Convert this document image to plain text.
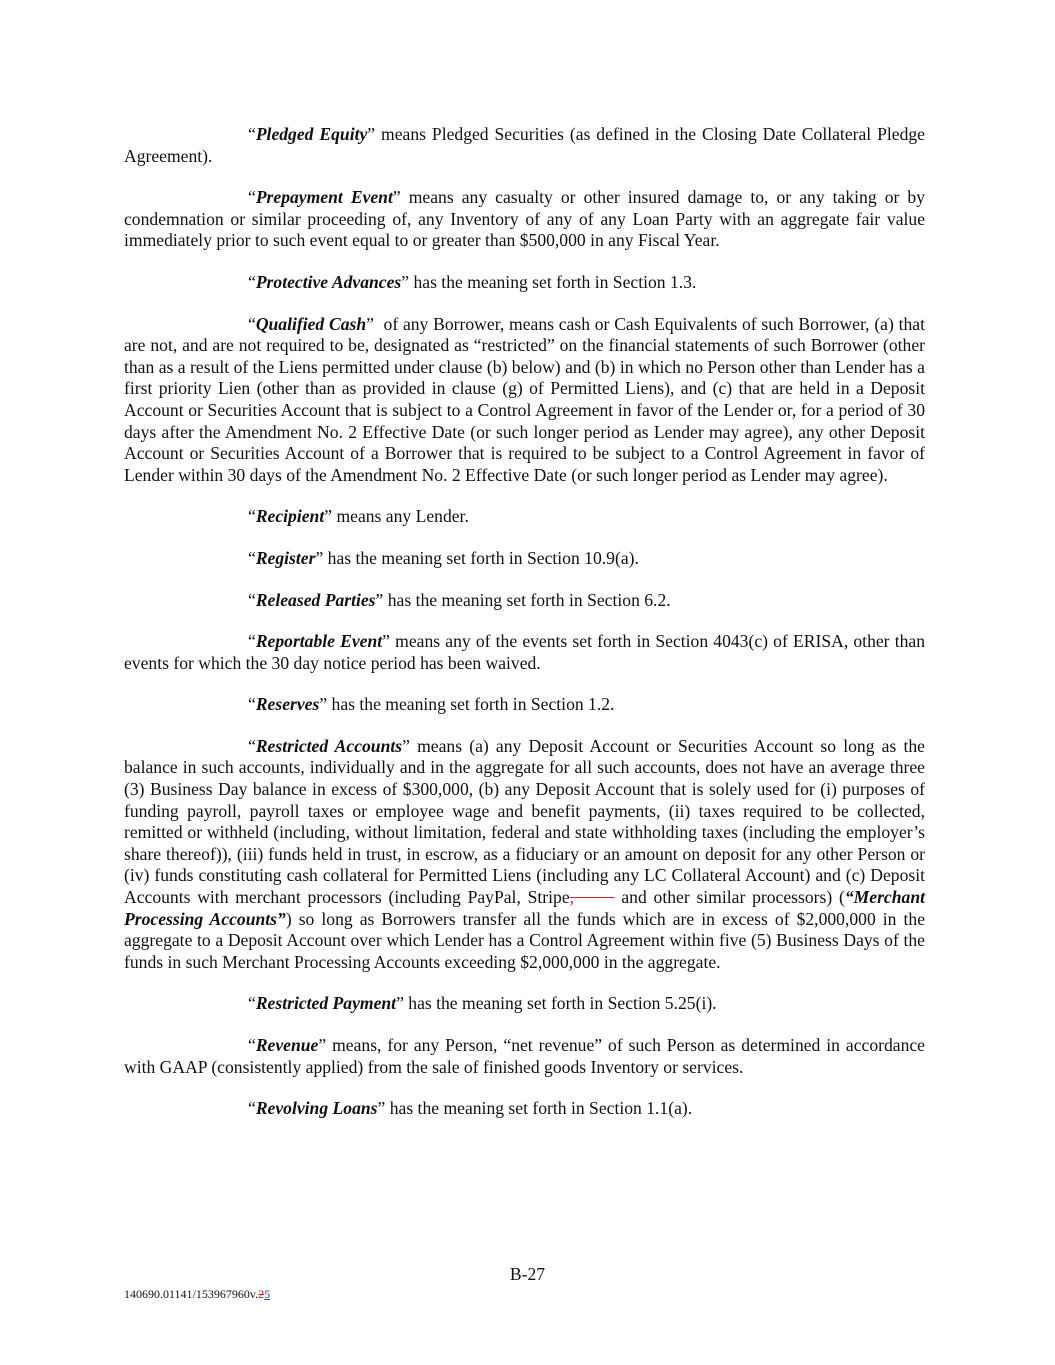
“Pledged Equity” means Pledged Securities (as defined in the Closing Date Collateral Pledge Agreement).

“Prepayment Event” means any casualty or other insured damage to, or any taking or by condemnation or similar proceeding of, any Inventory of any of any Loan Party with an aggregate fair value immediately prior to such event equal to or greater than $500,000 in any Fiscal Year.

“Protective Advances” has the meaning set forth in Section 1.3.

“Qualified Cash”  of any Borrower, means cash or Cash Equivalents of such Borrower, (a) that are not, and are not required to be, designated as “restricted” on the financial statements of such Borrower (other than as a result of the Liens permitted under clause (b) below) and (b) in which no Person other than Lender has a first priority Lien (other than as provided in clause (g) of Permitted Liens), and (c) that are held in a Deposit Account or Securities Account that is subject to a Control Agreement in favor of the Lender or, for a period of 30 days after the Amendment No. 2 Effective Date (or such longer period as Lender may agree), any other Deposit Account or Securities Account of a Borrower that is required to be subject to a Control Agreement in favor of Lender within 30 days of the Amendment No. 2 Effective Date (or such longer period as Lender may agree).

“Recipient” means any Lender.

“Register” has the meaning set forth in Section 10.9(a).

“Released Parties” has the meaning set forth in Section 6.2.

“Reportable Event” means any of the events set forth in Section 4043(c) of ERISA, other than events for which the 30 day notice period has been waived.

“Reserves” has the meaning set forth in Section 1.2.

“Restricted Accounts” means (a) any Deposit Account or Securities Account so long as the balance in such accounts, individually and in the aggregate for all such accounts, does not have an average three (3) Business Day balance in excess of $300,000, (b) any Deposit Account that is solely used for (i) purposes of funding payroll, payroll taxes or employee wage and benefit payments, (ii) taxes required to be collected, remitted or withheld (including, without limitation, federal and state withholding taxes (including the employer’s share thereof)), (iii) funds held in trust, in escrow, as a fiduciary or an amount on deposit for any other Person or (iv) funds constituting cash collateral for Permitted Liens (including any LC Collateral Account) and (c) Deposit Accounts with merchant processors (including PayPal, Stripe,       and other similar processors) (“Merchant Processing Accounts”) so long as Borrowers transfer all the funds which are in excess of $2,000,000 in the aggregate to a Deposit Account over which Lender has a Control Agreement within five (5) Business Days of the funds in such Merchant Processing Accounts exceeding $2,000,000 in the aggregate.

“Restricted Payment” has the meaning set forth in Section 5.25(i).

“Revenue” means, for any Person, “net revenue” of such Person as determined in accordance with GAAP (consistently applied) from the sale of finished goods Inventory or services.

“Revolving Loans” has the meaning set forth in Section 1.1(a).

B-27
140690.01141/153967960v.25
